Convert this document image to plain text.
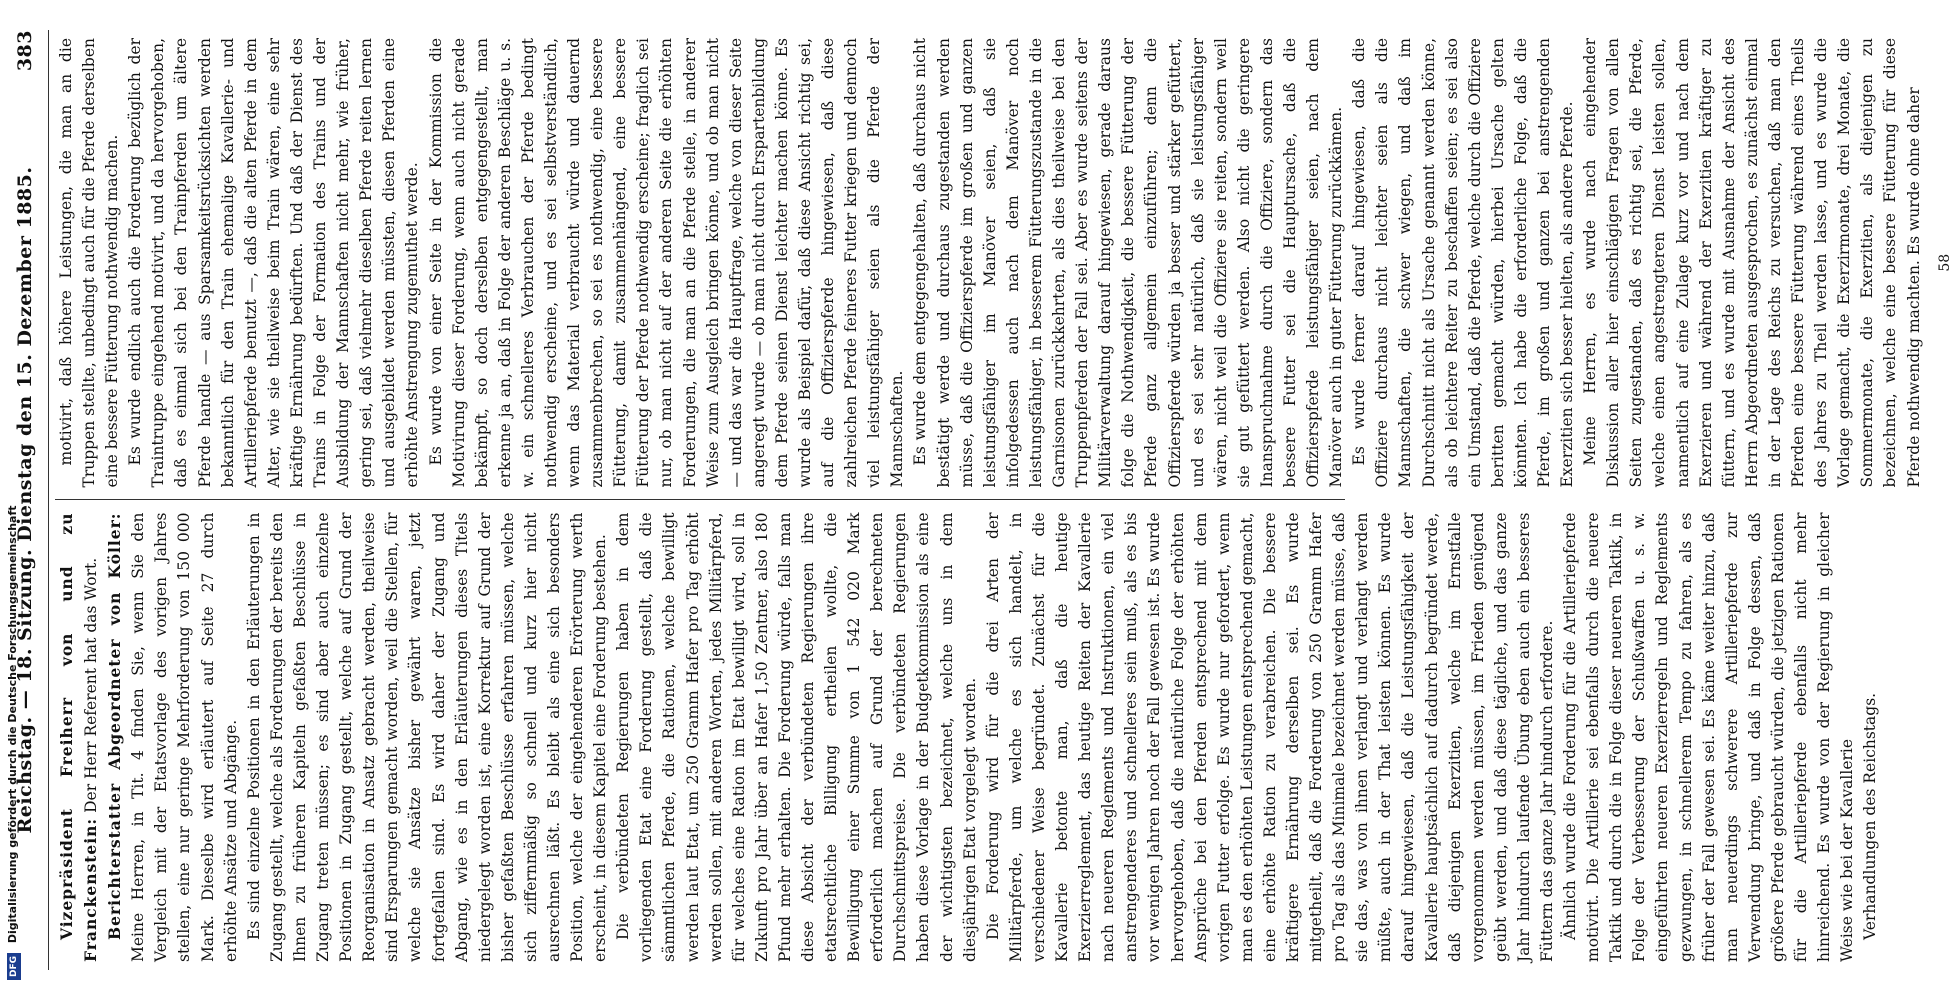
DFG Digitalisierung gefördert durch die Deutsche Forschungsgemeinschaft
Reichstag. — 18. Sitzung. Dienstag den 15. Dezember 1885.
383

Vizepräsident Freiherr von und zu Franckenstein: Der Herr Referent hat das Wort. Berichterstatter Abgeordneter von Köller: Meine Herren, in Tit. 4 finden Sie, wenn Sie den Vergleich mit der Etatsvorlage des vorigen Jahres stellen, eine nur geringe Mehrforderung von 150 000 Mark. Dieselbe wird erläutert auf Seite 27 durch erhöhte Ansätze und Abgänge. Es sind einzelne Positionen in den Erläuterungen in Zugang gestellt, welche als Forderungen der bereits den Ihnen zu früheren Kapiteln gefaßten Beschlüsse in Zugang treten müssen; es sind aber auch einzelne Positionen in Zugang gestellt, welche auf Grund der Reorganisation in Ansatz gebracht werden, theilweise sind Ersparungen gemacht worden, weil die Stellen, für welche sie Ansätze bisher gewährt waren, jetzt fortgefallen sind. Es wird daher der Zugang und Abgang, wie es in den Erläuterungen dieses Titels niedergelegt worden ist, eine Korrektur auf Grund der bisher gefaßten Beschlüsse erfahren müssen, welche sich ziffernmäßig so schnell und kurz hier nicht ausrechnen läßt. Es bleibt als eine sich besonders Position, welche der eingehenderen Erörterung werth erscheint, in diesem Kapitel eine Forderung bestehen. Die verbündeten Regierungen haben in dem vorliegenden Etat eine Forderung gestellt, daß die sämmtlichen Pferde, die Rationen, welche bewilligt werden laut Etat, um 250 Gramm Hafer pro Tag erhöht werden sollen, mit anderen Worten, jedes Militärpferd, für welches eine Ration im Etat bewilligt wird, soll in Zukunft pro Jahr über an Hafer 1,50 Zentner, also 180 Pfund mehr erhalten. Die Forderung würde, falls man diese Absicht der verbündeten Regierungen ihre etatsrechtliche Billigung ertheilen wollte, die Bewilligung einer Summe von 1 542 020 Mark erforderlich machen auf Grund der berechneten Durchschnittspreise. Die verbündeten Regierungen haben diese Vorlage in der Budgetkommission als eine der wichtigsten bezeichnet, welche uns in dem diesjährigen Etat vorgelegt worden. Die Forderung wird für die drei Arten der Militärpferde, um welche es sich handelt, in verschiedener Weise begründet. Zunächst für die Kavallerie betonte man, daß die heutige Exerzierreglement, das heutige Reiten der Kavallerie nach neueren Reglements und Instruktionen, ein viel anstrengenderes und schnelleres sein muß, als es bis vor wenigen Jahren noch der Fall gewesen ist. Es wurde hervorgehoben, daß die natürliche Folge der erhöhten Ansprüche bei den Pferden entsprechend mit dem vorigen Futter erfolge. Es wurde nur gefordert, wenn man es den erhöhten Leistungen entsprechend gemacht, eine erhöhte Ration zu verabreichen. Die bessere kräftigere Ernährung derselben sei. Es wurde mitgetheilt, daß die Forderung von 250 Gramm Hafer pro Tag als das Minimale bezeichnet werden müsse, daß sie das, was von ihnen verlangt und verlangt werden müßte, auch in der That leisten können. Es wurde darauf hingewiesen, daß die Leistungsfähigkeit der Kavallerie hauptsächlich auf dadurch begründet werde, daß diejenigen Exerzitien, welche im Ernstfalle vorgenommen werden müssen, im Frieden genügend geübt werden, und daß diese tägliche, und das ganze Jahr hindurch laufende Übung eben auch ein besseres Füttern das ganze Jahr hindurch erfordere. Ähnlich wurde die Forderung für die Artilleriepferde motivirt. Die Artillerie sei ebenfalls durch die neuere Taktik und durch die in Folge dieser neueren Taktik, in Folge der Verbesserung der Schußwaffen u. s. w. eingeführten neueren Exerzierregeln und Reglements gezwungen, in schnellerem Tempo zu fahren, als es früher der Fall gewesen sei. Es käme weiter hinzu, daß man neuerdings schwerere Artilleriepferde zur Verwendung bringe, und daß in Folge dessen, daß größere Pferde gebraucht würden, die jetzigen Rationen für die Artilleriepferde ebenfalls nicht mehr hinreichend. Es wurde von der Regierung in gleicher Weise wie bei der Kavallerie Verhandlungen des Reichstags.

motivirt, daß höhere Leistungen, die man an die Truppen stellte, unbedingt auch für die Pferde derselben eine bessere Fütterung nothwendig machen. Es wurde endlich auch die Forderung bezüglich der Traintruppe eingehend motivirt, und da hervorgehoben, daß es einmal sich bei den Trainpferden um ältere Pferde handle — aus Sparsamkeitsrücksichten werden bekanntlich für den Train ehemalige Kavallerie- und Artilleriepferde benutzt —, daß die alten Pferde in dem Alter, wie sie theilweise beim Train wären, eine sehr kräftige Ernährung bedürften. Und daß der Dienst des Trains in Folge der Formation des Trains und der Ausbildung der Mannschaften nicht mehr, wie früher, gering sei, daß vielmehr dieselben Pferde reiten lernen und ausgebildet werden müssten, diesen Pferden eine erhöhte Anstrengung zugemuthet werde. Es wurde von einer Seite in der Kommission die Motivirung dieser Forderung, wenn auch nicht gerade bekämpft, so doch derselben entgegengestellt, man erkenne ja an, daß in Folge der anderen Beschläge u. s. w. ein schnelleres Verbrauchen der Pferde bedingt nothwendig erscheine, und es sei selbstverständlich, wenn das Material verbraucht würde und dauernd zusammenbrechen, so sei es nothwendig, eine bessere Fütterung, damit zusammenhängend, eine bessere Fütterung der Pferde nothwendig erscheine; fraglich sei nur, ob man nicht auf der anderen Seite die erhöhten Forderungen, die man an die Pferde stelle, in anderer Weise zum Ausgleich bringen könne, und ob man nicht — und das war die Hauptfrage, welche von dieser Seite angeregt wurde — ob man nicht durch Erspartenbildung dem Pferde seinen Dienst leichter machen könne. Es wurde als Beispiel dafür, daß diese Ansicht richtig sei, auf die Offizierspferde hingewiesen, daß diese zahlreichen Pferde feineres Futter kriegen und dennoch viel leistungsfähiger seien als die Pferde der Mannschaften. Es wurde dem entgegengehalten, daß durchaus nicht bestätigt werde und durchaus zugestanden werden müsse, daß die Offizierspferde im großen und ganzen leistungsfähiger im Manöver seien, daß sie infolgedessen auch nach dem Manöver noch leistungsfähiger, in besserem Fütterungszustande in die Garnisonen zurückkehrten, als dies theilweise bei den Truppenpferden der Fall sei. Aber es wurde seitens der Militärverwaltung darauf hingewiesen, gerade daraus folge die Nothwendigkeit, die bessere Fütterung der Pferde ganz allgemein einzuführen; denn die Offizierspferde würden ja besser und stärker gefüttert, und es sei sehr natürlich, daß sie leistungsfähiger wären, nicht weil die Offiziere sie reiten, sondern weil sie gut gefüttert werden. Also nicht die geringere Inanspruchnahme durch die Offiziere, sondern das bessere Futter sei die Hauptursache, daß die Offizierspferde leistungsfähiger seien, nach dem Manöver auch in guter Fütterung zurückkämen. Es wurde ferner darauf hingewiesen, daß die Offiziere durchaus nicht leichter seien als die Mannschaften, die schwer wiegen, und daß im Durchschnitt nicht als Ursache genannt werden könne, als ob leichtere Reiter zu beschaffen seien; es sei also ein Umstand, daß die Pferde, welche durch die Offiziere beritten gemacht würden, hierbei Ursache gelten könnten. Ich habe die erforderliche Folge, daß die Pferde, im großen und ganzen bei anstrengenden Exerzitien sich besser hielten, als andere Pferde. Meine Herren, es wurde nach eingehender Diskussion aller hier einschlägigen Fragen von allen Seiten zugestanden, daß es richtig sei, die Pferde, welche einen angestrengteren Dienst leisten sollen, namentlich auf eine Zulage kurz vor und nach dem Exerzieren und während der Exerzitien kräftiger zu füttern, und es wurde mit Ausnahme der Ansicht des Herrn Abgeordneten ausgesprochen, es zunächst einmal in der Lage des Reichs zu versuchen, daß man den Pferden eine bessere Fütterung während eines Theils des Jahres zu Theil werden lasse, und es wurde die Vorlage gemacht, die Exerzirmonate, drei Monate, die Sommermonate, die Exerzitien, als diejenigen zu bezeichnen, welche eine bessere Fütterung für diese Pferde nothwendig machten. Es wurde ohne daher 58
